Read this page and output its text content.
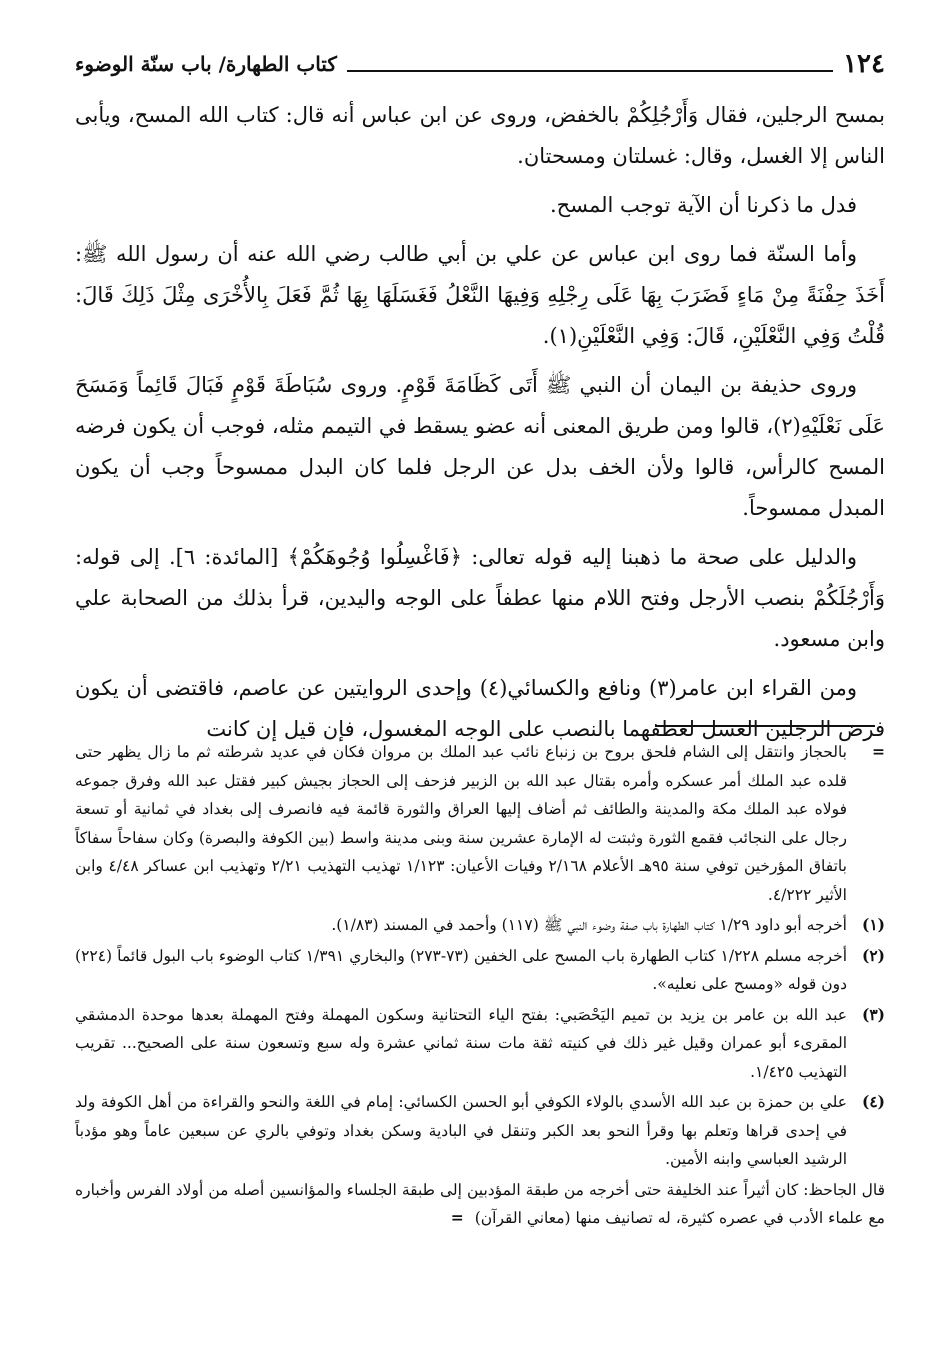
١٢٤
كتاب الطهارة/ باب سنّة الوضوء

بمسح الرجلين، فقال وَأَرْجُلِكُمْ بالخفض، وروى عن ابن عباس أنه قال: كتاب الله المسح، ويأبى الناس إلا الغسل، وقال: غسلتان ومسحتان.

فدل ما ذكرنا أن الآية توجب المسح.

وأما السنّة فما روى ابن عباس عن علي بن أبي طالب رضي الله عنه أن رسول الله ﷺ: أَخَذَ حِفْنَةً مِنْ مَاءٍ فَضَرَبَ بِهَا عَلَى رِجْلِهِ وَفِيهَا النَّعْلُ فَغَسَلَهَا بِهَا ثُمَّ فَعَلَ بِالأُخْرَى مِثْلَ ذَلِكَ قَالَ: قُلْتُ وَفِي النَّعْلَيْنِ، قَالَ: وَفِي النَّعْلَيْنِ(١).

وروى حذيفة بن اليمان أن النبي ﷺ أَتَى كَظَامَةَ قَوْمٍ. وروى سُبَاطَةَ قَوْمٍ فَبَالَ قَائِماً وَمَسَحَ عَلَى نَعْلَيْهِ(٢)، قالوا ومن طريق المعنى أنه عضو يسقط في التيمم مثله، فوجب أن يكون فرضه المسح كالرأس، قالوا ولأن الخف بدل عن الرجل فلما كان البدل ممسوحاً وجب أن يكون المبدل ممسوحاً.

والدليل على صحة ما ذهبنا إليه قوله تعالى: ﴿فَاغْسِلُوا وُجُوهَكُمْ﴾ [المائدة: ٦]. إلى قوله: وَأَرْجُلَكُمْ بنصب الأرجل وفتح اللام منها عطفاً على الوجه واليدين، قرأ بذلك من الصحابة علي وابن مسعود.

ومن القراء ابن عامر(٣) ونافع والكسائي(٤) وإحدى الروايتين عن عاصم، فاقتضى أن يكون فرض الرجلين الغسل لعطفهما بالنصب على الوجه المغسول، فإن قيل إن كانت

=

بالحجاز وانتقل إلى الشام فلحق بروح بن زنباع نائب عبد الملك بن مروان فكان في عديد شرطته ثم ما زال يظهر حتى قلده عبد الملك أمر عسكره وأمره بقتال عبد الله بن الزبير فزحف إلى الحجاز بجيش كبير فقتل عبد الله وفرق جموعه فولاه عبد الملك مكة والمدينة والطائف ثم أضاف إليها العراق والثورة قائمة فيه فانصرف إلى بغداد في ثمانية أو تسعة رجال على النجائب فقمع الثورة وثبتت له الإمارة عشرين سنة وبنى مدينة واسط (بين الكوفة والبصرة) وكان سفاحاً سفاكاً باتفاق المؤرخين توفي سنة ٩٥هـ الأعلام ٢/١٦٨ وفيات الأعيان: ١/١٢٣ تهذيب التهذيب ٢/٢١ وتهذيب ابن عساكر ٤/٤٨ وابن الأثير ٤/٢٢٢.

(١)

أخرجه أبو داود ١/٢٩ كتاب الطهارة باب صفة وضوء النبي ﷺ (١١٧) وأحمد في المسند (١/٨٣).

(٢)

أخرجه مسلم ١/٢٢٨ كتاب الطهارة باب المسح على الخفين (٧٣-٢٧٣) والبخاري ١/٣٩١ كتاب الوضوء باب البول قائماً (٢٢٤) دون قوله «ومسح على نعليه».

(٣)

عبد الله بن عامر بن يزيد بن تميم اليَحْصَبي: بفتح الياء التحتانية وسكون المهملة وفتح المهملة بعدها موحدة الدمشقي المقرىء أبو عمران وقيل غير ذلك في كنيته ثقة مات سنة ثماني عشرة وله سبع وتسعون سنة على الصحيح... تقريب التهذيب ١/٤٢٥.

(٤)

علي بن حمزة بن عبد الله الأسدي بالولاء الكوفي أبو الحسن الكسائي: إمام في اللغة والنحو والقراءة من أهل الكوفة ولد في إحدى قراها وتعلم بها وقرأ النحو بعد الكبر وتنقل في البادية وسكن بغداد وتوفي بالري عن سبعين عاماً وهو مؤدباً الرشيد العباسي وابنه الأمين.

قال الجاحظ: كان أثيراً عند الخليفة حتى أخرجه من طبقة المؤدبين إلى طبقة الجلساء والمؤانسين أصله من أولاد الفرس وأخباره مع علماء الأدب في عصره كثيرة، له تصانيف منها (معاني القرآن) =
